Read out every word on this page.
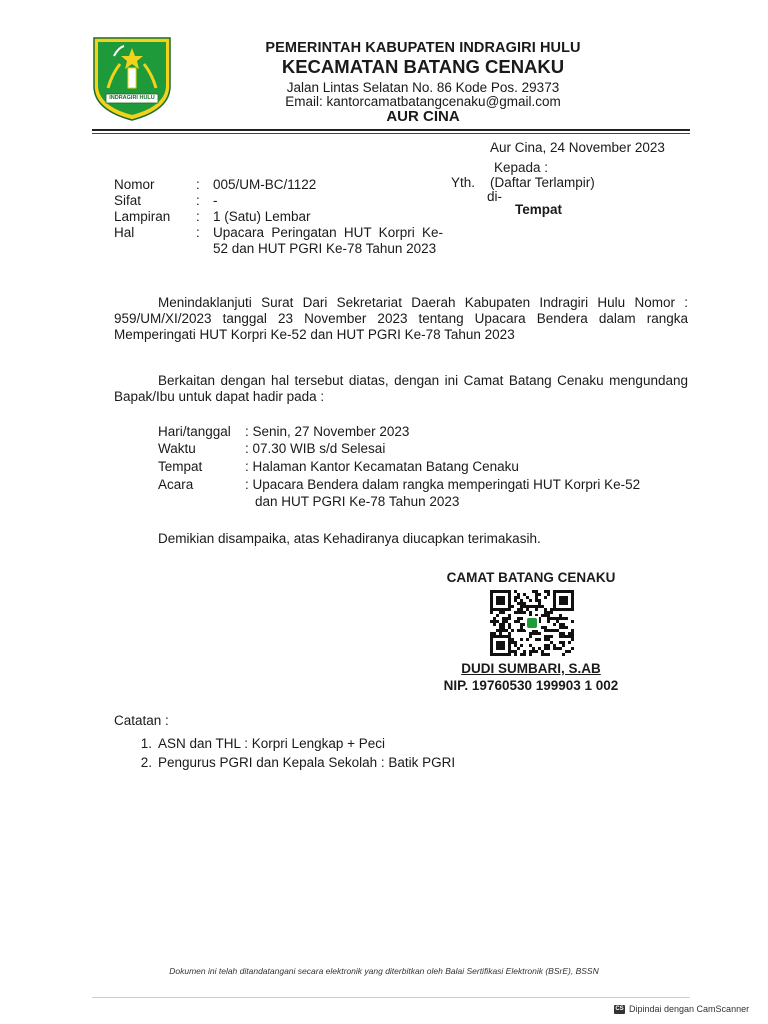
INDRAGIRI HULU
PEMERINTAH KABUPATEN INDRAGIRI HULU
KECAMATAN BATANG CENAKU
Jalan Lintas Selatan No. 86 Kode Pos. 29373
Email: kantorcamatbatangcenaku@gmail.com
AUR CINA
Aur Cina, 24 November 2023
Kepada :
Yth. (Daftar Terlampir)
di-
Tempat
Nomor	: 005/UM-BC/1122
Sifat	: -
Lampiran	: 1 (Satu) Lembar
Hal	: Upacara Peringatan HUT Korpri Ke-52 dan HUT PGRI Ke-78 Tahun 2023
Menindaklanjuti Surat Dari Sekretariat Daerah Kabupaten Indragiri Hulu Nomor : 959/UM/XI/2023 tanggal 23 November 2023 tentang Upacara Bendera dalam rangka Memperingati HUT Korpri Ke-52 dan HUT PGRI Ke-78 Tahun 2023
Berkaitan dengan hal tersebut diatas, dengan ini Camat Batang Cenaku mengundang Bapak/Ibu untuk dapat hadir pada :
Hari/tanggal	: Senin, 27 November 2023
Waktu	: 07.30 WIB s/d Selesai
Tempat	: Halaman Kantor Kecamatan Batang Cenaku
Acara	: Upacara Bendera dalam rangka memperingati HUT Korpri Ke-52
dan HUT PGRI Ke-78 Tahun 2023
Demikian disampaika, atas Kehadiranya diucapkan terimakasih.
CAMAT BATANG CENAKU
DUDI SUMBARI, S.AB
NIP. 19760530 199903 1 002
Catatan :
1. ASN dan THL : Korpri Lengkap + Peci
2. Pengurus PGRI dan Kepala Sekolah : Batik PGRI
Dokumen ini telah ditandatangani secara elektronik yang diterbitkan oleh Balai Sertifikasi Elektronik (BSrE), BSSN
CS Dipindai dengan CamScanner
